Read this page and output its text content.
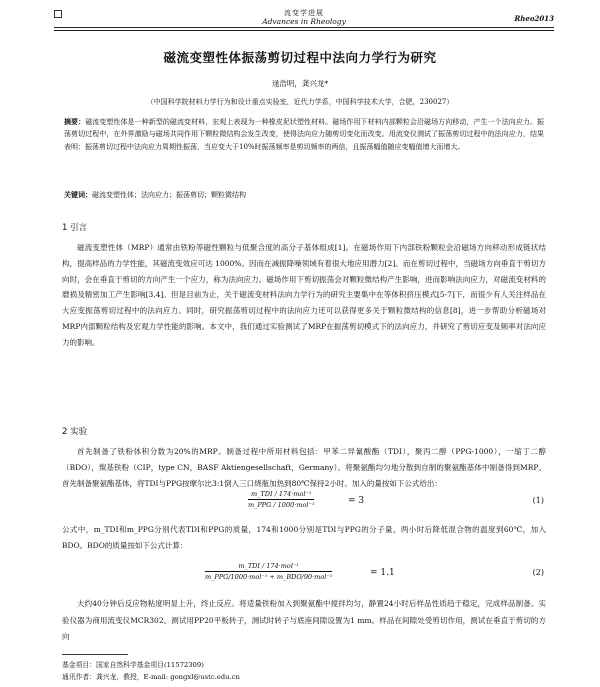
流变学进展
Advances in Rheology	Rheo2013
磁流变塑性体振荡剪切过程中法向力学行为研究
逯浩明，龚兴龙*
（中国科学院材料力学行为和设计重点实验室，近代力学系，中国科学技术大学，合肥，230027）
摘要：磁流变塑性体是一种新型的磁流变材料，宏观上表现为一种橡皮泥状塑性材料。磁场作用下材料内部颗粒会沿磁场方向移动，产生一个法向应力。振荡剪切过程中，在外界激励与磁场共同作用下颗粒微结构会发生改变，使得法向应力随剪切变化而改变。用流变仪测试了振荡剪切过程中的法向应力，结果表明：振荡剪切过程中法向应力周期性振荡，当应变大于10%时振荡频率是剪切频率的两倍，且振荡幅值随应变幅值增大而增大。
关键词：磁流变塑性体；法向应力；振荡剪切；颗粒微结构
1 引言
磁流变塑性体（MRP）通常由铁粉等磁性颗粒与低聚合度的高分子基体组成[1]。在磁场作用下内部铁粉颗粒会沿磁场方向移动形成链状结构，提高样品的力学性能，其磁流变效应可达 1000%。因而在减振降噪领域有着很大地应用潜力[2]。而在剪切过程中，当磁场方向垂直于剪切方向时，会在垂直于剪切的方向产生一个应力，称为法向应力。磁场作用下剪切振荡会对颗粒微结构产生影响，进而影响法向应力，对磁流变材料的磨损及精密加工产生影响[3,4]。但是目前为止，关于磁流变材料法向力学行为的研究主要集中在等体积挤压模式[5-7]下，而很少有人关注样品在大应变振荡剪切过程中的法向应力。同时，研究振荡剪切过程中的法向应力还可以获得更多关于颗粒微结构的信息[8]，进一步帮助分析磁场对MRP内部颗粒结构及宏观力学性能的影响。本文中，我们通过实验测试了MRP在振荡剪切模式下的法向应力，并研究了剪切应变及频率对法向应力的影响。
2 实验
首先制备了铁粉体积分数为20%的MRP。制备过程中所用材料包括：甲苯二异氰酸酯（TDI），聚丙二醇（PPG-1000），一缩丁二醇（BDO），羰基铁粉（CIP，type CN，BASF Aktiengesellschaft，Germany）。将聚氨酯均匀地分散到自制的聚氨酯基体中制备得到MRP。首先制备聚氨酯基体，将TDI与PPG按摩尔比3:1倒入三口烧瓶加热到80℃保持2小时。加入的量按如下公式给出：
m_TDI / 174·mol⁻¹
m_PPG / 1000·mol⁻¹	= 3	(1)
公式中，m_TDI和m_PPG分别代表TDI和PPG的质量，174和1000分别是TDI与PPG的分子量，两小时后降低混合物的温度到60℃，加入BDO。BDO的质量按如下公式计算：
m_TDI / 174·mol⁻¹
m_PPG/1000·mol⁻¹ + m_BDO/90·mol⁻¹	= 1.1	(2)
大约40分钟后反应物粘度明显上升，终止反应。将适量铁粉加入到聚氨酯中搅拌均匀，静置24小时后样品性质趋于稳定，完成样品制备。实验仪器为商用流变仪MCR302。测试用PP20平板转子，测试时转子与底座间隙设置为1 mm。样品在间隙处受剪切作用，测试在垂直于剪切的方向
基金项目：国家自然科学基金项目(11572309)
通讯作者：龚兴龙，教授，E-mail: gongxl@ustc.edu.cn
